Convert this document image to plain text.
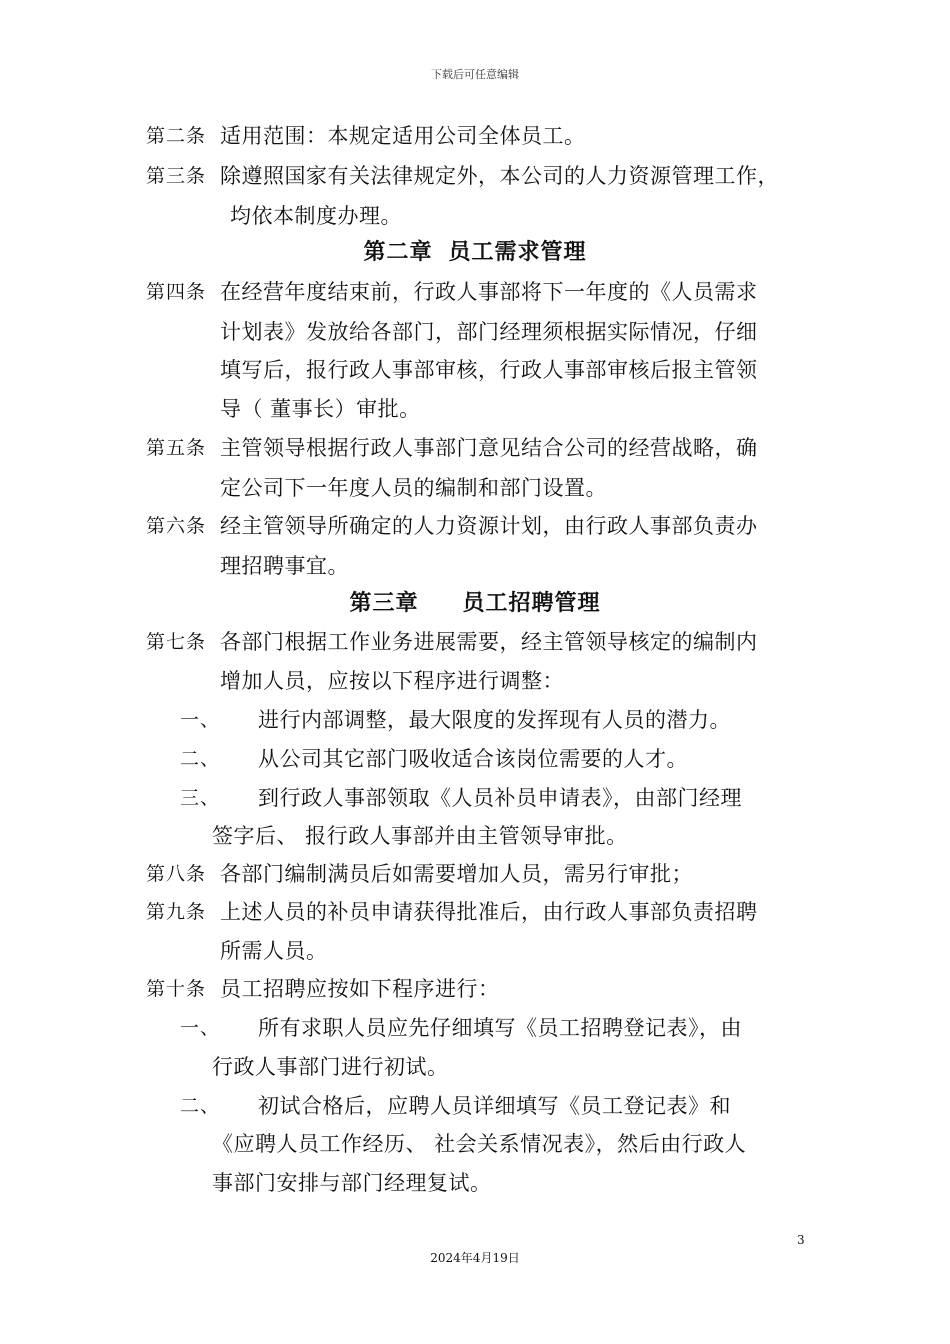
下载后可任意编辑
第二条 适用范围：本规定适用公司全体员工。
第三条 除遵照国家有关法律规定外，本公司的人力资源管理工作，
均依本制度办理。
第二章 员工需求管理
第四条 在经营年度结束前，行政人事部将下一年度的《人员需求
计划表》发放给各部门，部门经理须根据实际情况，仔细
填写后，报行政人事部审核，行政人事部审核后报主管领
导（ 董事长）审批。
第五条 主管领导根据行政人事部门意见结合公司的经营战略，确
定公司下一年度人员的编制和部门设置。
第六条 经主管领导所确定的人力资源计划，由行政人事部负责办
理招聘事宜。
第三章 员工招聘管理
第七条 各部门根据工作业务进展需要，经主管领导核定的编制内
增加人员，应按以下程序进行调整：
一、 进行内部调整，最大限度的发挥现有人员的潜力。
二、 从公司其它部门吸收适合该岗位需要的人才。
三、 到行政人事部领取《人员补员申请表》，由部门经理
签字后、 报行政人事部并由主管领导审批。
第八条 各部门编制满员后如需要增加人员，需另行审批；
第九条 上述人员的补员申请获得批准后，由行政人事部负责招聘
所需人员。
第十条 员工招聘应按如下程序进行：
一、 所有求职人员应先仔细填写《员工招聘登记表》，由
行政人事部门进行初试。
二、 初试合格后，应聘人员详细填写《员工登记表》和
《应聘人员工作经历、 社会关系情况表》，然后由行政人
事部门安排与部门经理复试。
3
2024年4月19日
